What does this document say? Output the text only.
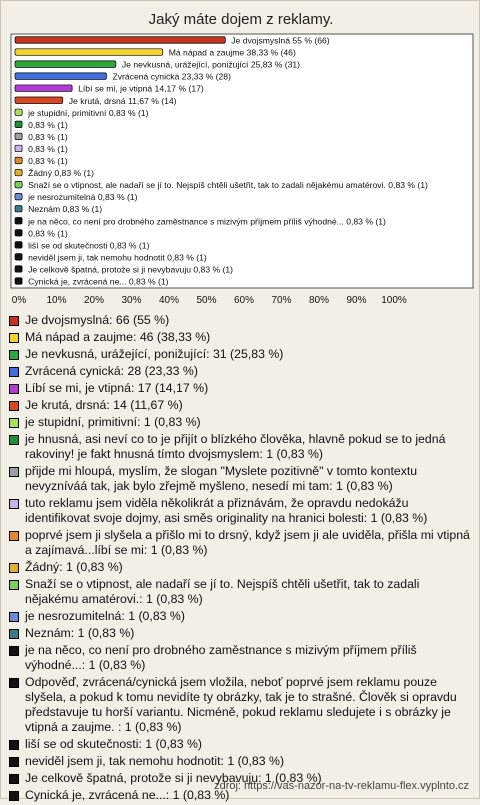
Jaký máte dojem z reklamy.
Je dvojsmyslná 55 % (66)
Má nápad a zaujme 38,33 % (46)
Je nevkusná, urážející, ponižující 25,83 % (31)
Zvrácená cynická 23,33 % (28)
Líbí se mi, je vtipná 14,17 % (17)
Je krutá, drsná 11,67 % (14)
je stupidní, primitivní 0,83 % (1)
0,83 % (1)
0,83 % (1)
0,83 % (1)
0,83 % (1)
Žádný 0,83 % (1)
Snaží se o vtipnost, ale nadaří se jí to. Nejspíš chtěli ušetřit, tak to zadali nějakému amatérovi. 0,83 % (1)
je nesrozumitelná 0,83 % (1)
Neznám 0,83 % (1)
je na něco, co není pro drobného zaměstnance s mizivým příjmem příliš výhodné... 0,83 % (1)
0,83 % (1)
liší se od skutečnosti 0,83 % (1)
neviděl jsem ji, tak nemohu hodnotit 0,83 % (1)
Je celkově špatná, protože si ji nevybavuju 0,83 % (1)
Cynická je, zvrácená ne... 0,83 % (1)
0% 10% 20% 30% 40% 50% 60% 70% 80% 90% 100%
Je dvojsmyslná: 66 (55 %)
Má nápad a zaujme: 46 (38,33 %)
Je nevkusná, urážející, ponižující: 31 (25,83 %)
Zvrácená cynická: 28 (23,33 %)
Líbí se mi, je vtipná: 17 (14,17 %)
Je krutá, drsná: 14 (11,67 %)
je stupidní, primitivní: 1 (0,83 %)
je hnusná, asi neví co to je přijít o blízkého člověka, hlavně pokud se to jedná rakoviny! je fakt hnusná tímto dvojsmyslem: 1 (0,83 %)
přijde mi hloupá, myslím, že slogan "Myslete pozitivně" v tomto kontextu nevyzníváá tak, jak bylo zřejmě myšleno, nesedí mi tam: 1 (0,83 %)
tuto reklamu jsem viděla několikrát a přiznávám, že opravdu nedokážu identifikovat svoje dojmy, asi směs originality na hranici bolesti: 1 (0,83 %)
poprvé jsem ji slyšela a přišlo mi to drsný, když jsem ji ale uviděla, přišla mi vtipná a zajímavá...líbí se mi: 1 (0,83 %)
Žádný: 1 (0,83 %)
Snaží se o vtipnost, ale nadaří se jí to. Nejspíš chtěli ušetřit, tak to zadali nějakému amatérovi.: 1 (0,83 %)
je nesrozumitelná: 1 (0,83 %)
Neznám: 1 (0,83 %)
je na něco, co není pro drobného zaměstnance s mizivým příjmem příliš výhodné...: 1 (0,83 %)
Odpověď, zvrácená/cynická jsem vložila, neboť poprvé jsem reklamu pouze slyšela, a pokud k tomu nevidíte ty obrázky, tak je to strašné. Člověk si opravdu představuje tu horší variantu. Nicméně, pokud reklamu sledujete i s obrázky je vtipná a zaujme. : 1 (0,83 %)
liší se od skutečnosti: 1 (0,83 %)
neviděl jsem ji, tak nemohu hodnotit: 1 (0,83 %)
Je celkově špatná, protože si ji nevybavuju: 1 (0,83 %)
Cynická je, zvrácená ne...: 1 (0,83 %)
zdroj: https://vas-nazor-na-tv-reklamu-flex.vyplnto.cz
